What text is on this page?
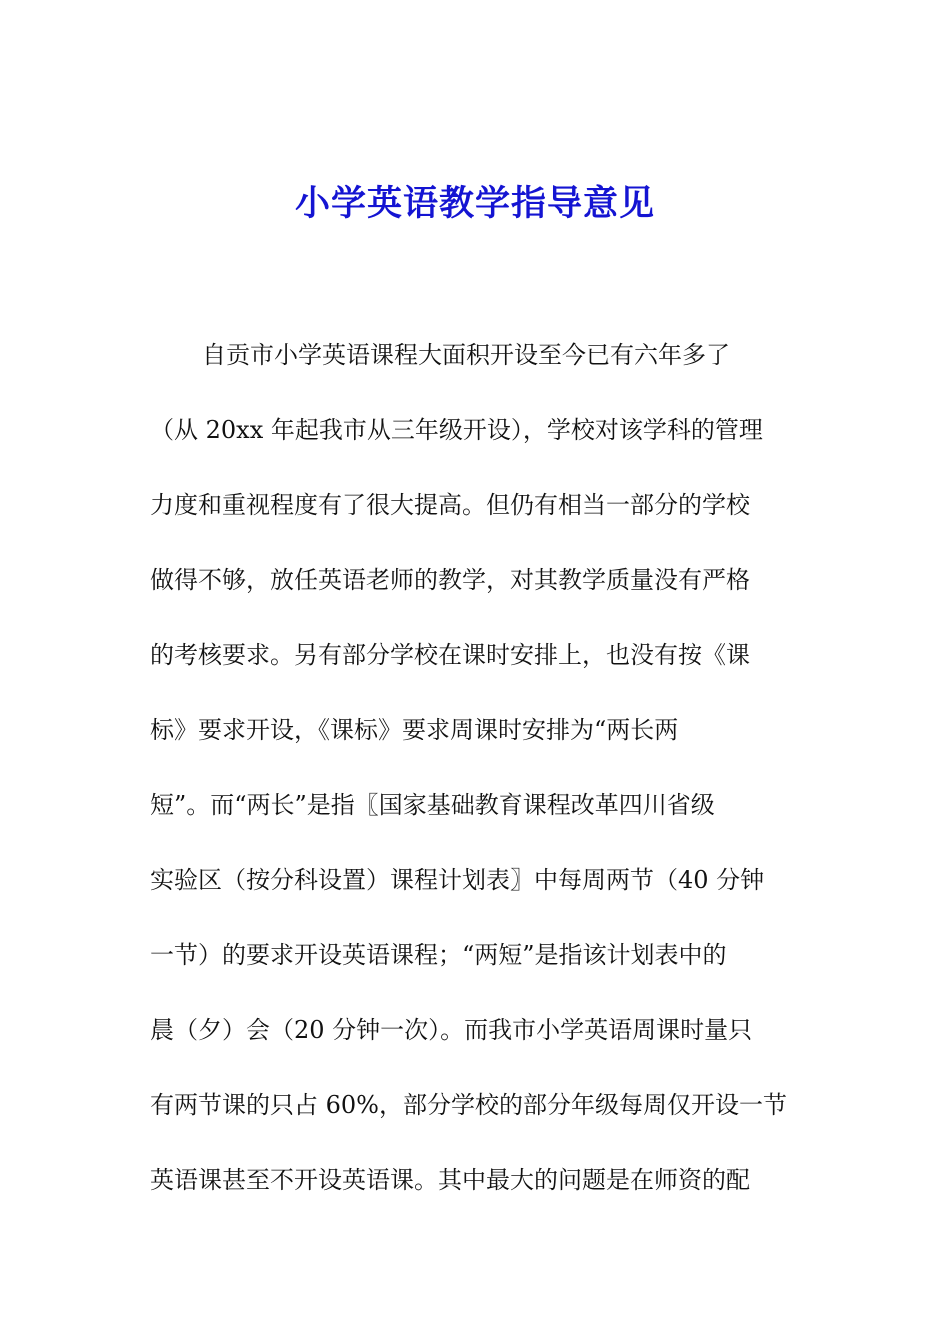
小学英语教学指导意见
自贡市小学英语课程大面积开设至今已有六年多了
（从 20xx 年起我市从三年级开设），学校对该学科的管理
力度和重视程度有了很大提高。但仍有相当一部分的学校
做得不够，放任英语老师的教学，对其教学质量没有严格
的考核要求。另有部分学校在课时安排上，也没有按《课
标》要求开设，《课标》要求周课时安排为“两长两
短”。而“两长”是指〖国家基础教育课程改革四川省级
实验区（按分科设置）课程计划表〗中每周两节（40 分钟
一节）的要求开设英语课程；“两短”是指该计划表中的
晨（夕）会（20 分钟一次）。而我市小学英语周课时量只
有两节课的只占 60%，部分学校的部分年级每周仅开设一节
英语课甚至不开设英语课。其中最大的问题是在师资的配
